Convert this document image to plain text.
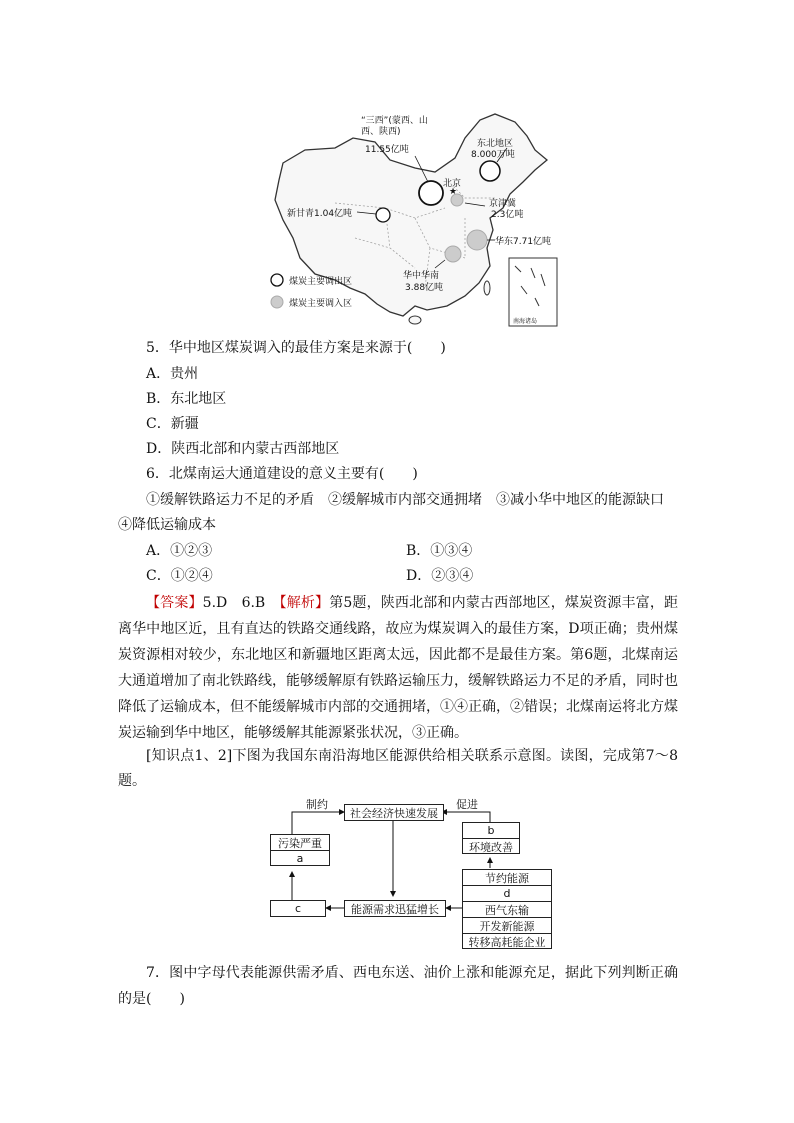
★
“三西”(蒙西、山西、陕西)
11.55亿吨
东北地区
8.000万吨
北京
京津冀
2.3亿吨
新甘青1.04亿吨
华东7.71亿吨
华中华南
3.88亿吨
煤炭主要调出区
煤炭主要调入区
南海诸岛
5．华中地区煤炭调入的最佳方案是来源于(　　)
A．贵州
B．东北地区
C．新疆
D．陕西北部和内蒙古西部地区
6．北煤南运大通道建设的意义主要有(　　)
①缓解铁路运力不足的矛盾　②缓解城市内部交通拥堵　③减小华中地区的能源缺口
④降低运输成本
A．①②③	B．①③④
C．①②④	D．②③④
【答案】5.D　6.B　【解析】第5题，陕西北部和内蒙古西部地区，煤炭资源丰富，距离华中地区近，且有直达的铁路交通线路，故应为煤炭调入的最佳方案，D项正确；贵州煤炭资源相对较少，东北地区和新疆地区距离太远，因此都不是最佳方案。第6题，北煤南运大通道增加了南北铁路线，能够缓解原有铁路运输压力，缓解铁路运力不足的矛盾，同时也降低了运输成本，但不能缓解城市内部的交通拥堵，①④正确，②错误；北煤南运将北方煤炭运输到华中地区，能够缓解其能源紧张状况，③正确。
[知识点1、2]下图为我国东南沿海地区能源供给相关联系示意图。读图，完成第7～8题。
制约	促进
社会经济快速发展
污染严重
a
b
环境改善
c	能源需求迅猛增长
节约能源
d
西气东输
开发新能源
转移高耗能企业
7．图中字母代表能源供需矛盾、西电东送、油价上涨和能源充足，据此下列判断正确的是(　　)
